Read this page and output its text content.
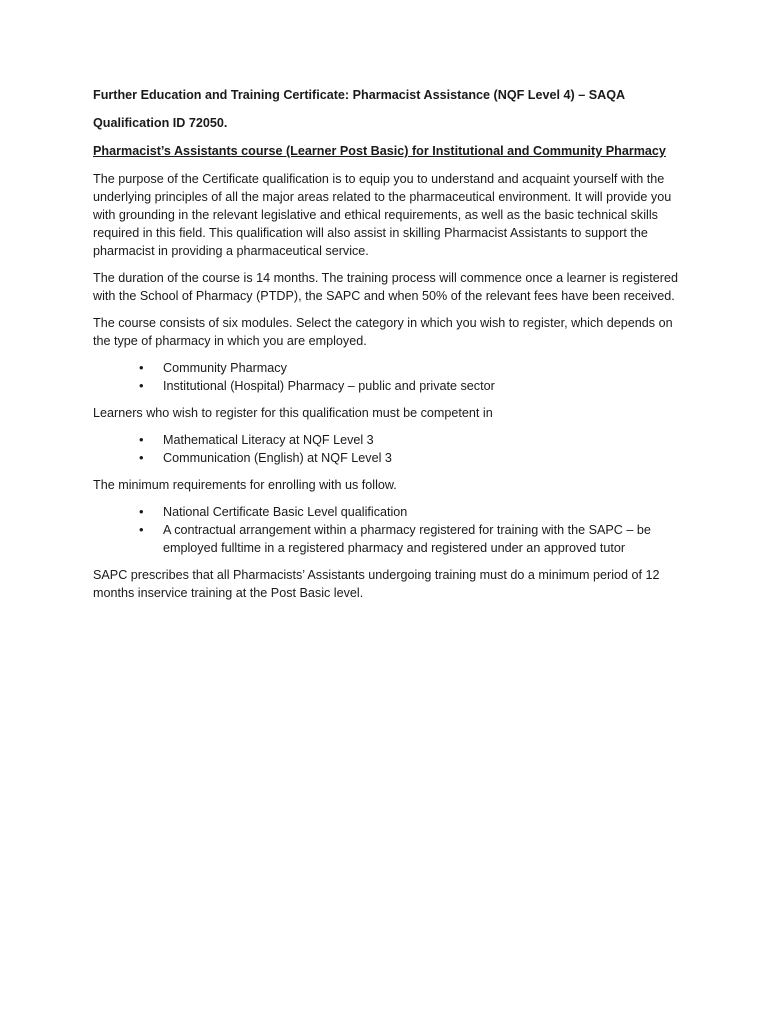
Further Education and Training Certificate: Pharmacist Assistance (NQF Level 4) – SAQA

Qualification ID 72050.

Pharmacist’s Assistants course (Learner Post Basic) for Institutional and Community Pharmacy

The purpose of the Certificate qualification is to equip you to understand and acquaint yourself with the underlying principles of all the major areas related to the pharmaceutical environment. It will provide you with grounding in the relevant legislative and ethical requirements, as well as the basic technical skills required in this field. This qualification will also assist in skilling Pharmacist Assistants to support the pharmacist in providing a pharmaceutical service.

The duration of the course is 14 months. The training process will commence once a learner is registered with the School of Pharmacy (PTDP), the SAPC and when 50% of the relevant fees have been received.

The course consists of six modules. Select the category in which you wish to register, which depends on the type of pharmacy in which you are employed.

• Community Pharmacy
• Institutional (Hospital) Pharmacy – public and private sector

Learners who wish to register for this qualification must be competent in

• Mathematical Literacy at NQF Level 3
• Communication (English) at NQF Level 3

The minimum requirements for enrolling with us follow.

• National Certificate Basic Level qualification
• A contractual arrangement within a pharmacy registered for training with the SAPC – be employed fulltime in a registered pharmacy and registered under an approved tutor

SAPC prescribes that all Pharmacists’ Assistants undergoing training must do a minimum period of 12 months inservice training at the Post Basic level.
